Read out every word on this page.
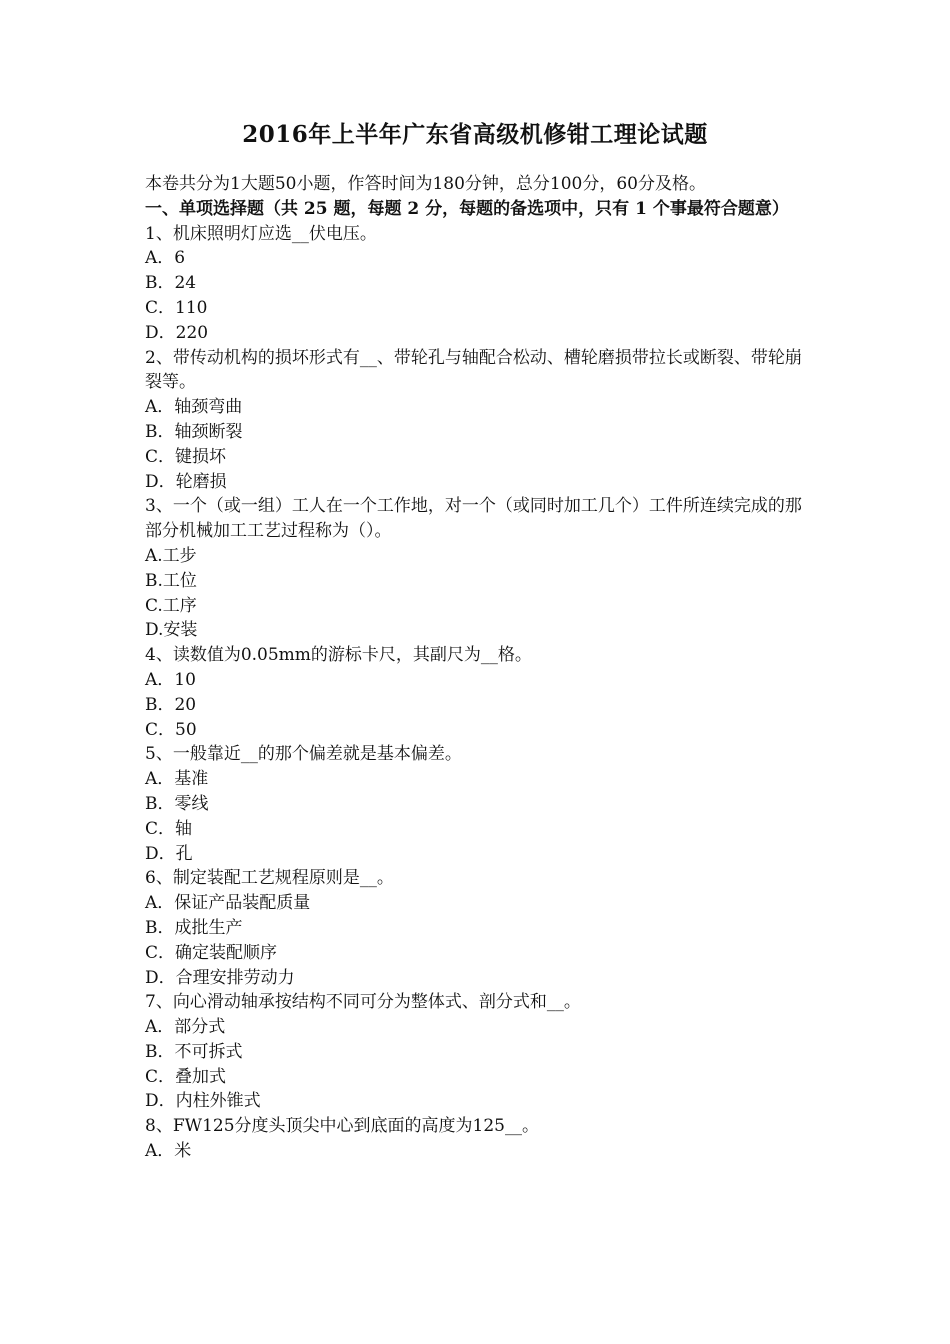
2016年上半年广东省高级机修钳工理论试题
本卷共分为1大题50小题，作答时间为180分钟，总分100分，60分及格。
一、单项选择题（共 25 题，每题 2 分，每题的备选项中，只有 1 个事最符合题意）
1、机床照明灯应选__伏电压。
A．6
B．24
C．110
D．220
2、带传动机构的损坏形式有__、带轮孔与轴配合松动、槽轮磨损带拉长或断裂、带轮崩裂等。
A．轴颈弯曲
B．轴颈断裂
C．键损坏
D．轮磨损
3、一个（或一组）工人在一个工作地，对一个（或同时加工几个）工件所连续完成的那部分机械加工工艺过程称为（）。
A.工步
B.工位
C.工序
D.安装
4、读数值为0.05mm的游标卡尺，其副尺为__格。
A．10
B．20
C．50
5、一般靠近__的那个偏差就是基本偏差。
A．基准
B．零线
C．轴
D．孔
6、制定装配工艺规程原则是__。
A．保证产品装配质量
B．成批生产
C．确定装配顺序
D．合理安排劳动力
7、向心滑动轴承按结构不同可分为整体式、剖分式和__。
A．部分式
B．不可拆式
C．叠加式
D．内柱外锥式
8、FW125分度头顶尖中心到底面的高度为125__。
A．米
